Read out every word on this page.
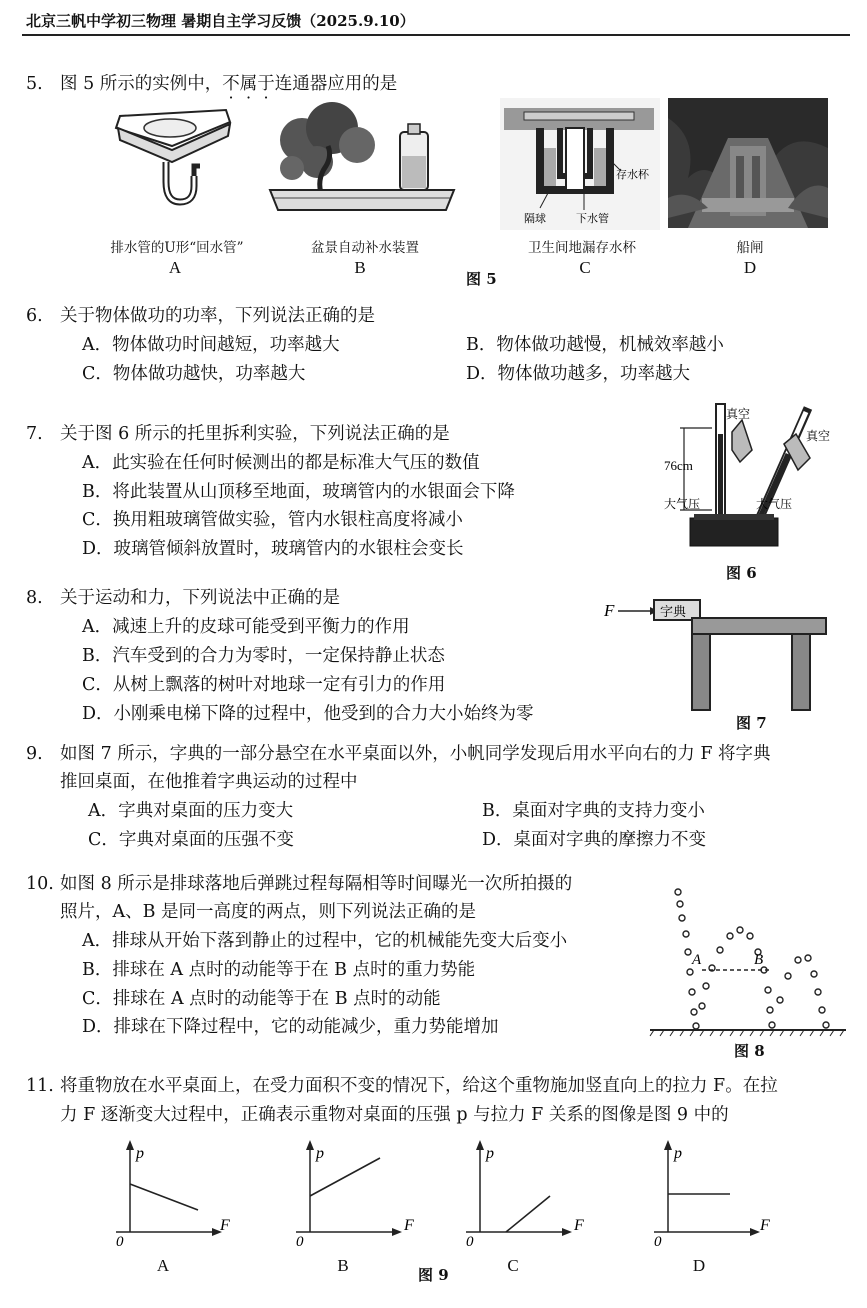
北京三帆中学初三物理 暑期自主学习反馈（2025.9.10）
5. 图 5 所示的实例中，不属于连通器应用的是
排水管的U形“回水管”
A
盆景自动补水装置
B
存水杯
隔球	下水管
卫生间地漏存水杯
C
图 5
船闸
D
6. 关于物体做功的功率，下列说法正确的是
A．物体做功时间越短，功率越大	B．物体做功越慢，机械效率越小
C．物体做功越快，功率越大	D．物体做功越多，功率越大
7. 关于图 6 所示的托里拆利实验，下列说法正确的是
A．此实验在任何时候测出的都是标准大气压的数值
B．将此装置从山顶移至地面，玻璃管内的水银面会下降
C．换用粗玻璃管做实验，管内水银柱高度将减小
D．玻璃管倾斜放置时，玻璃管内的水银柱会变长
76cm
真空
真空
大气压	大气压
图 6
8. 关于运动和力，下列说法中正确的是
A．减速上升的皮球可能受到平衡力的作用
B．汽车受到的合力为零时，一定保持静止状态
C．从树上飘落的树叶对地球一定有引力的作用
D．小刚乘电梯下降的过程中，他受到的合力大小始终为零
F	字典
图 7
9. 如图 7 所示，字典的一部分悬空在水平桌面以外，小帆同学发现后用水平向右的力 F 将字典
推回桌面，在他推着字典运动的过程中
A．字典对桌面的压力变大	B．桌面对字典的支持力变小
C．字典对桌面的压强不变	D．桌面对字典的摩擦力不变
10. 如图 8 所示是排球落地后弹跳过程每隔相等时间曝光一次所拍摄的
照片，A、B 是同一高度的两点，则下列说法正确的是
A．排球从开始下落到静止的过程中，它的机械能先变大后变小
B．排球在 A 点时的动能等于在 B 点时的重力势能
C．排球在 A 点时的动能等于在 B 点时的动能
D．排球在下降过程中，它的动能减少，重力势能增加
A	B
图 8
11. 将重物放在水平桌面上，在受力面积不变的情况下，给这个重物施加竖直向上的拉力 F。在拉
力 F 逐渐变大过程中，正确表示重物对桌面的压强 p 与拉力 F 关系的图像是图 9 中的
p
F
0
A
p
F
0
B
p
F
0
C
p
F
0
D
图 9
